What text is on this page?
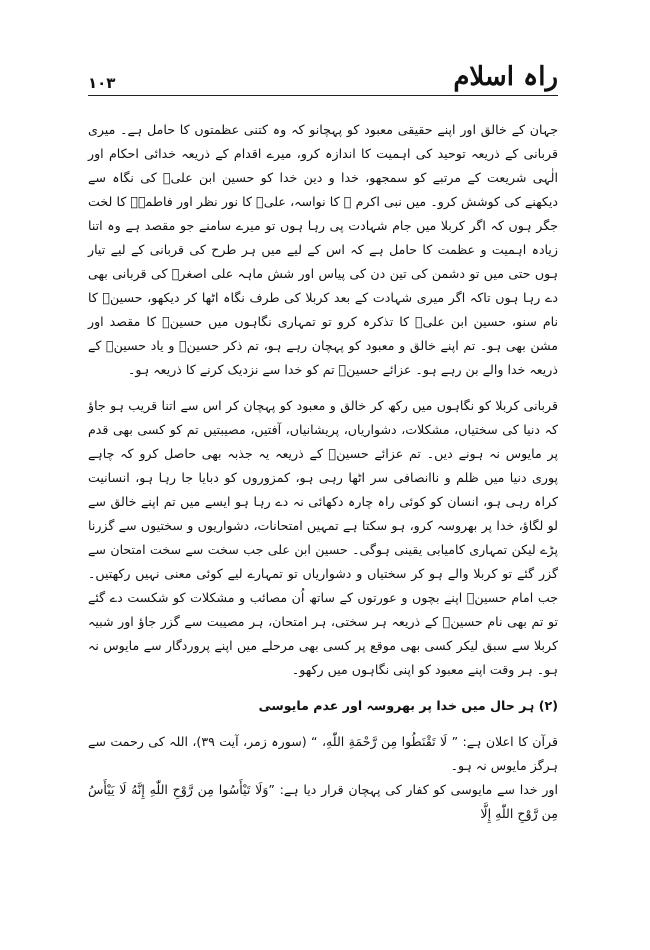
۱۰۳	راہ اسلام

جہان کے خالق اور اپنے حقیقی معبود کو پہچانو کہ وہ کتنی عظمتوں کا حامل ہے۔ میری قربانی کے ذریعہ توحید کی اہمیت کا اندازہ کرو، میرے اقدام کے ذریعہ خدائی احکام اور الٰہی شریعت کے مرتبے کو سمجھو، خدا و دین خدا کو حسین ابن علیؑ کی نگاہ سے دیکھنے کی کوشش کرو۔ میں نبی اکرم ﷺ کا نواسہ، علیؑ کا نور نظر اور فاطمہؑ کا لخت جگر ہوں کہ اگر کربلا میں جام شہادت پی رہا ہوں تو میرے سامنے جو مقصد ہے وہ اتنا زیادہ اہمیت و عظمت کا حامل ہے کہ اس کے لیے میں ہر طرح کی قربانی کے لیے تیار ہوں حتی میں تو دشمن کی تین دن کی پیاس اور شش ماہہ علی اصغرؑ کی قربانی بھی دے رہا ہوں تاکہ اگر میری شہادت کے بعد کربلا کی طرف نگاہ اٹھا کر دیکھو، حسینؑ کا نام سنو، حسین ابن علیؑ کا تذکرہ کرو تو تمہاری نگاہوں میں حسینؑ کا مقصد اور مشن بھی ہو۔ تم اپنے خالق و معبود کو پہچان رہے ہو، تم ذکر حسینؑ و یاد حسینؑ کے ذریعہ خدا والے بن رہے ہو۔ عزائے حسینؑ تم کو خدا سے نزدیک کرنے کا ذریعہ ہو۔

قربانی کربلا کو نگاہوں میں رکھ کر خالق و معبود کو پہچان کر اس سے اتنا قریب ہو جاؤ کہ دنیا کی سختیاں، مشکلات، دشواریاں، پریشانیاں، آفتیں، مصیبتیں تم کو کسی بھی قدم پر مایوس نہ ہونے دیں۔ تم عزائے حسینؑ کے ذریعہ یہ جذبہ بھی حاصل کرو کہ چاہے پوری دنیا میں ظلم و ناانصافی سر اٹھا رہی ہو، کمزوروں کو دبایا جا رہا ہو، انسانیت کراہ رہی ہو، انسان کو کوئی راہ چارہ دکھائی نہ دے رہا ہو ایسے میں تم اپنے خالق سے لو لگاؤ، خدا پر بھروسہ کرو، ہو سکتا ہے تمہیں امتحانات، دشواریوں و سختیوں سے گزرنا پڑے لیکن تمہاری کامیابی یقینی ہوگی۔ حسین ابن علی جب سخت سے سخت امتحان سے گزر گئے تو کربلا والے ہو کر سختیاں و دشواریاں تو تمہارے لیے کوئی معنی نہیں رکھتیں۔ جب امام حسینؑ اپنے بچوں و عورتوں کے ساتھ اُن مصائب و مشکلات کو شکست دے گئے تو تم بھی نام حسینؑ کے ذریعہ ہر سختی، ہر امتحان، ہر مصیبت سے گزر جاؤ اور شبیہ کربلا سے سبق لیکر کسی بھی موقع پر کسی بھی مرحلے میں اپنے پروردگار سے مایوس نہ ہو۔ ہر وقت اپنے معبود کو اپنی نگاہوں میں رکھو۔

(۲) ہر حال میں خدا پر بھروسہ اور عدم مایوسی

قرآن کا اعلان ہے: ” لَا تَقْنَطُوا مِن رَّحْمَةِ اللّٰهِ، “ (سورہ زمر، آیت ۳۹)، اللہ کی رحمت سے ہرگز مایوس نہ ہو۔

اور خدا سے مایوسی کو کفار کی پہچان قرار دیا ہے: ”وَلَا تَيْأَسُوا مِن رَّوْحِ اللّٰهِ إِنَّهُ لَا يَيْأَسُ مِن رَّوْحِ اللّٰهِ إِلَّا
